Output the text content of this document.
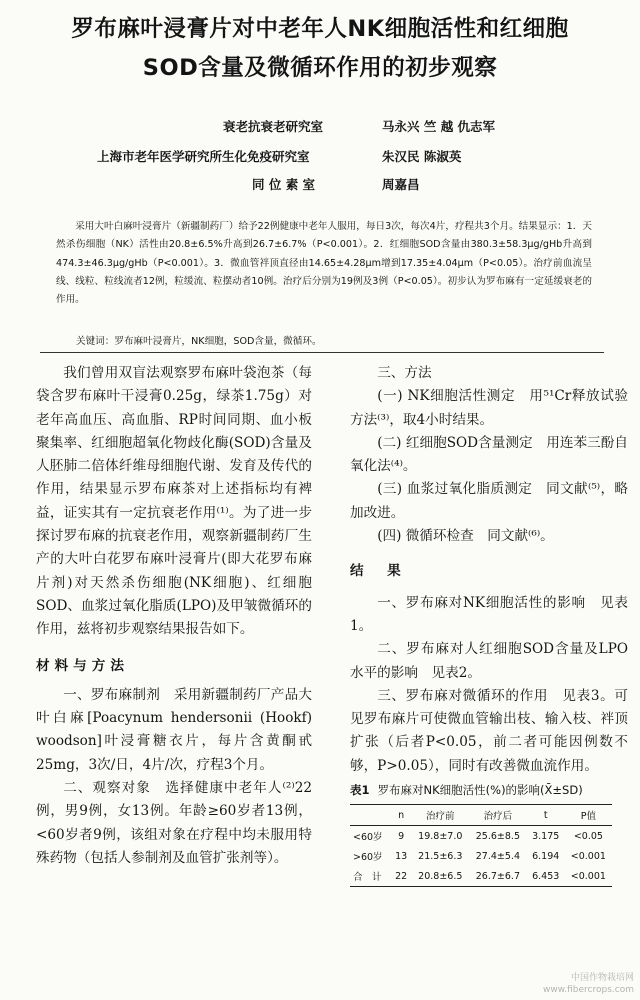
罗布麻叶浸膏片对中老年人NK细胞活性和红细胞
SOD含量及微循环作用的初步观察
衰老抗衰老研究室	马永兴 竺 越 仇志军
上海市老年医学研究所生化免疫研究室	朱汉民 陈淑英
同 位 素 室	周嘉昌

采用大叶白麻叶浸膏片（新疆制药厂）给予22例健康中老年人服用，每日3次，每次4片，疗程共3个月。结果显示：1．天然杀伤细胞（NK）活性由20.8±6.5%升高到26.7±6.7%（P<0.001）。2．红细胞SOD含量由380.3±58.3μg/gHb升高到474.3±46.3μg/gHb（P<0.001）。3．微血管袢顶直径由14.65±4.28μm增到17.35±4.04μm（P<0.05）。治疗前血流呈线、线粒、粒线流者12例，粒缓流、粒摆动者10例。治疗后分别为19例及3例（P<0.05）。初步认为罗布麻有一定延缓衰老的作用。

关键词：罗布麻叶浸膏片，NK细胞，SOD含量，微循环。

我们曾用双盲法观察罗布麻叶袋泡茶（每袋含罗布麻叶干浸膏0.25g，绿茶1.75g）对老年高血压、高血脂、RP时间同期、血小板聚集率、红细胞超氧化物歧化酶(SOD)含量及人胚肺二倍体纤维母细胞代谢、发育及传代的作用，结果显示罗布麻茶对上述指标均有裨益，证实其有一定抗衰老作用⁽¹⁾。为了进一步探讨罗布麻的抗衰老作用，观察新疆制药厂生产的大叶白花罗布麻叶浸膏片(即大花罗布麻片剂)对天然杀伤细胞(NK细胞)、红细胞SOD、血浆过氧化脂质(LPO)及甲皱微循环的作用，兹将初步观察结果报告如下。

材料与方法

一、罗布麻制剂　采用新疆制药厂产品大叶白麻[Poacynum hendersonii (Hookf) woodson]叶浸膏糖衣片，每片含黄酮甙25mg，3次/日，4片/次，疗程3个月。

二、观察对象　选择健康中老年人⁽²⁾22例，男9例，女13例。年龄≥60岁者13例，<60岁者9例，该组对象在疗程中均未服用特殊药物（包括人参制剂及血管扩张剂等）。

三、方法

(一) NK细胞活性测定　用⁵¹Cr释放试验方法⁽³⁾，取4小时结果。

(二) 红细胞SOD含量测定　用连苯三酚自氧化法⁽⁴⁾。

(三) 血浆过氧化脂质测定　同文献⁽⁵⁾，略加改进。

(四) 微循环检查　同文献⁽⁶⁾。

结　果

一、罗布麻对NK细胞活性的影响　见表1。

二、罗布麻对人红细胞SOD含量及LPO水平的影响　见表2。

三、罗布麻对微循环的作用　见表3。可见罗布麻片可使微血管输出枝、输入枝、袢顶扩张（后者P<0.05，前二者可能因例数不够，P>0.05），同时有改善微血流作用。

表1 罗布麻对NK细胞活性(%)的影响(X̄±SD)
	n	治疗前	治疗后	t	P值
<60岁	9	19.8±7.0	25.6±8.5	3.175	<0.05
>60岁	13	21.5±6.3	27.4±5.4	6.194	<0.001
合　计	22	20.8±6.5	26.7±6.7	6.453	<0.001
中国作物栽培网
www.fibercrops.com
